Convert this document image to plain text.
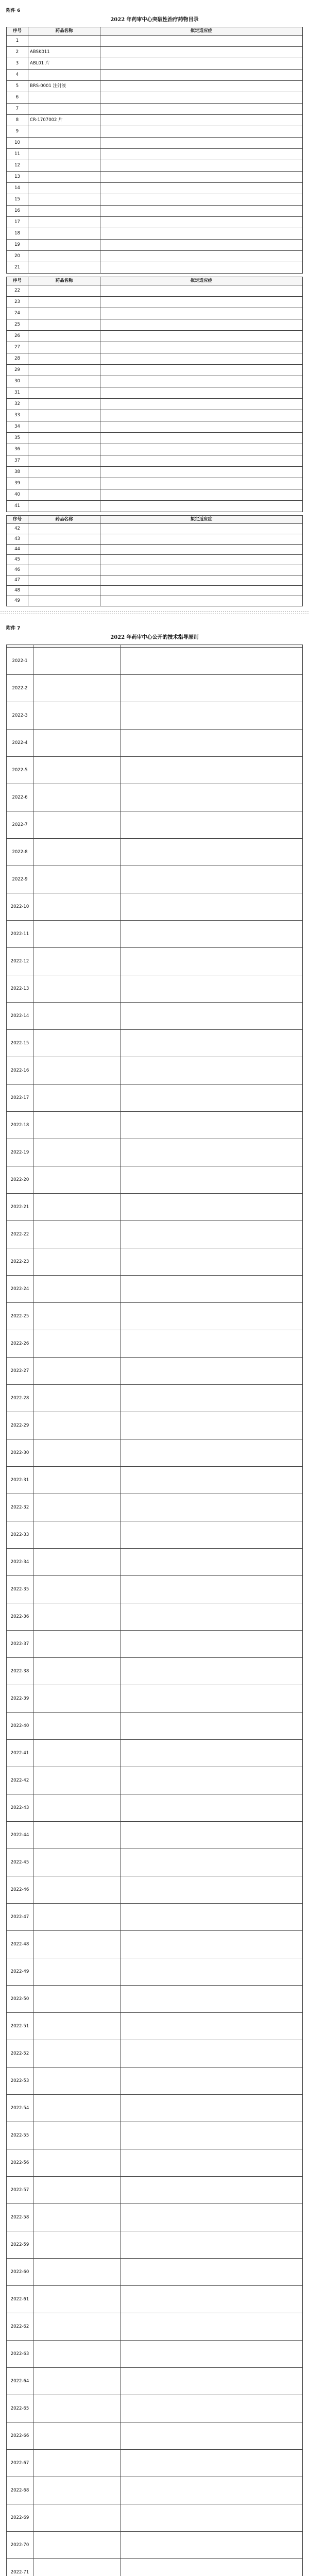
附件 6
2022 年药审中心突破性治疗药物目录
序号	药品名称	拟定适应症
1		
2	ABSK011	
3	ABL01 片	
4		
5	BRS-0001 注射液	
6		
7		
8	CR-1707002 片	
9		
10		
11		
12		
13		
14		
15		
16		
17		
18		
19		
20		
21		
序号	药品名称	拟定适应症
22		
23		
24		
25		
26		
27		
28		
29		
30		
31		
32		
33		
34		
35		
36		
37		
38		
39		
40		
41		
序号	药品名称	拟定适应症
42		
43		
44		
45		
46		
47		
48		
49		
附件 7
2022 年药审中心公开的技术指导原则

2022-1		
2022-2		
2022-3		
2022-4		
2022-5		
2022-6		
2022-7		
2022-8		
2022-9		
2022-10		
2022-11		
2022-12		
2022-13		
2022-14		
2022-15		
2022-16		
2022-17		
2022-18		
2022-19		
2022-20		
2022-21		
2022-22		
2022-23		
2022-24		
2022-25		
2022-26		
2022-27		
2022-28		
2022-29		
2022-30		
2022-31		
2022-32		
2022-33		
2022-34		
2022-35		
2022-36		
2022-37		
2022-38		
2022-39		
2022-40		
2022-41		
2022-42		
2022-43		
2022-44		
2022-45		
2022-46		
2022-47		
2022-48		
2022-49		
2022-50		
2022-51		
2022-52		
2022-53		
2022-54		
2022-55		
2022-56		
2022-57		
2022-58		
2022-59		
2022-60		
2022-61		
2022-62		
2022-63		
2022-64		
2022-65		
2022-66		
2022-67		
2022-68		
2022-69		
2022-70		
2022-71		
